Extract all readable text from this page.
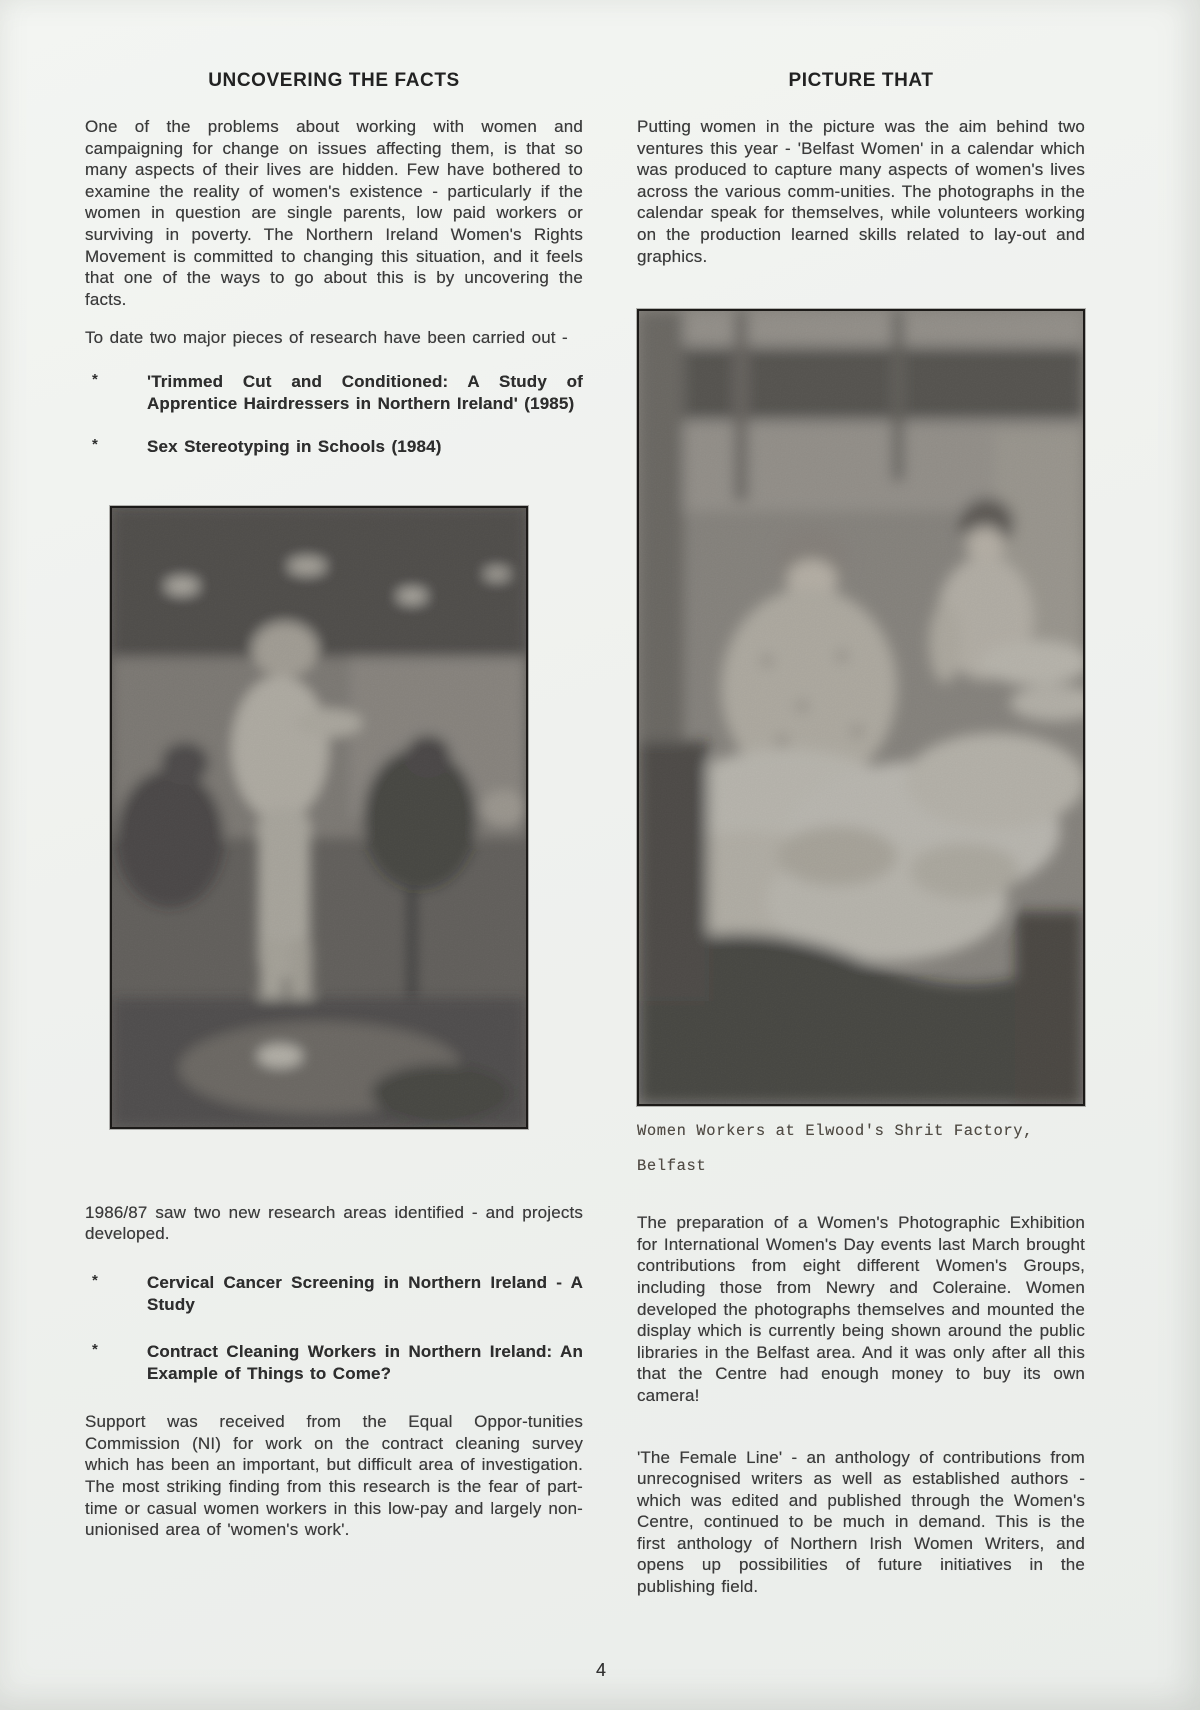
UNCOVERING THE FACTS

One of the problems about working with women and campaigning for change on issues affecting them, is that so many aspects of their lives are hidden. Few have bothered to examine the reality of women's existence - particularly if the women in question are single parents, low paid workers or surviving in poverty. The Northern Ireland Women's Rights Movement is committed to changing this situation, and it feels that one of the ways to go about this is by uncovering the facts.

To date two major pieces of research have been carried out -

*	'Trimmed Cut and Conditioned: A Study of Apprentice Hairdressers in Northern Ireland' (1985)
*	Sex Stereotyping in Schools (1984)

1986/87 saw two new research areas identified - and projects developed.

*	Cervical Cancer Screening in Northern Ireland - A Study
*	Contract Cleaning Workers in Northern Ireland: An Example of Things to Come?

Support was received from the Equal Oppor-tunities Commission (NI) for work on the contract cleaning survey which has been an important, but difficult area of investigation. The most striking finding from this research is the fear of part-time or casual women workers in this low-pay and largely non-unionised area of 'women's work'.

PICTURE THAT

Putting women in the picture was the aim behind two ventures this year - 'Belfast Women' in a calendar which was produced to capture many aspects of women's lives across the various comm-unities. The photographs in the calendar speak for themselves, while volunteers working on the production learned skills related to lay-out and graphics.

Women Workers at Elwood's Shrit Factory,
Belfast

The preparation of a Women's Photographic Exhibition for International Women's Day events last March brought contributions from eight different Women's Groups, including those from Newry and Coleraine. Women developed the photographs themselves and mounted the display which is currently being shown around the public libraries in the Belfast area. And it was only after all this that the Centre had enough money to buy its own camera!

'The Female Line' - an anthology of contributions from unrecognised writers as well as established authors - which was edited and published through the Women's Centre, continued to be much in demand. This is the first anthology of Northern Irish Women Writers, and opens up possibilities of future initiatives in the publishing field.

4
